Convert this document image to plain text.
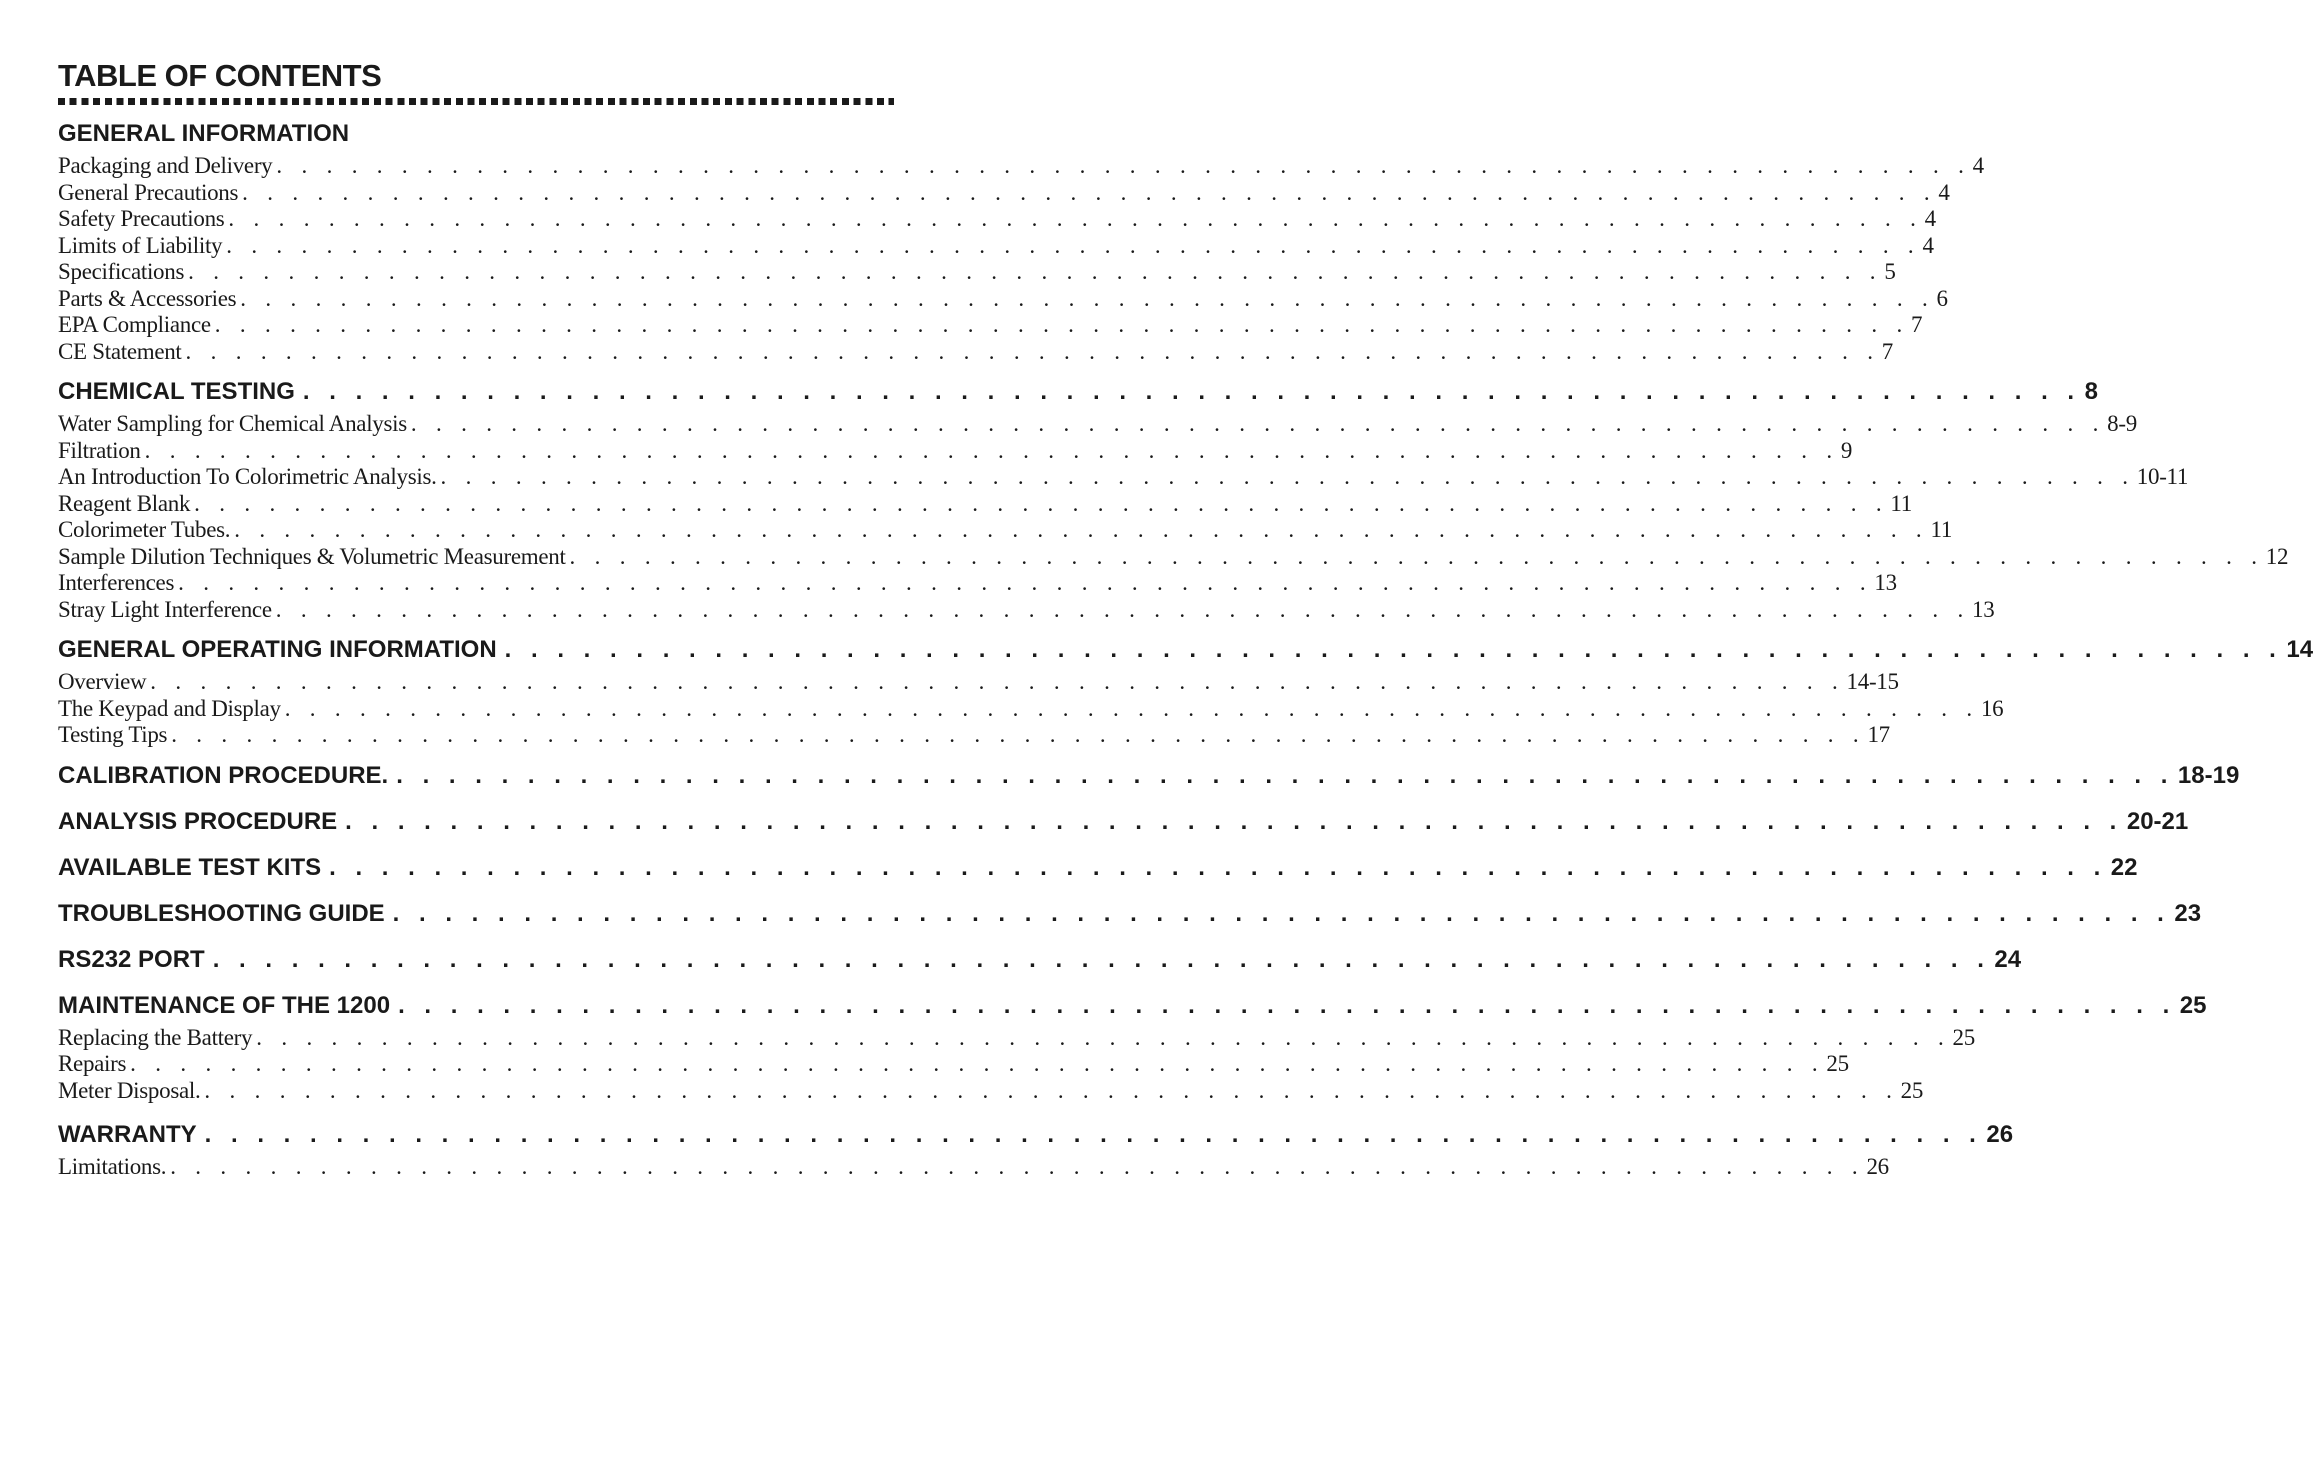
TABLE OF CONTENTS
GENERAL INFORMATION
Packaging and Delivery . . . . . . . . . . . . . . . . . . . . . . . . . . . . . . . . . . . . . . . . . . . . . . . . . . . . . . . . . . . . . . . . . . . . 4
General Precautions . . . . . . . . . . . . . . . . . . . . . . . . . . . . . . . . . . . . . . . . . . . . . . . . . . . . . . . . . . . . . . . . . . . . 4
Safety Precautions . . . . . . . . . . . . . . . . . . . . . . . . . . . . . . . . . . . . . . . . . . . . . . . . . . . . . . . . . . . . . . . . . . . . 4
Limits of Liability . . . . . . . . . . . . . . . . . . . . . . . . . . . . . . . . . . . . . . . . . . . . . . . . . . . . . . . . . . . . . . . . . . . . 4
Specifications . . . . . . . . . . . . . . . . . . . . . . . . . . . . . . . . . . . . . . . . . . . . . . . . . . . . . . . . . . . . . . . . . . . . 5
Parts & Accessories . . . . . . . . . . . . . . . . . . . . . . . . . . . . . . . . . . . . . . . . . . . . . . . . . . . . . . . . . . . . . . . . . . . . 6
EPA Compliance . . . . . . . . . . . . . . . . . . . . . . . . . . . . . . . . . . . . . . . . . . . . . . . . . . . . . . . . . . . . . . . . . . . . 7
CE Statement . . . . . . . . . . . . . . . . . . . . . . . . . . . . . . . . . . . . . . . . . . . . . . . . . . . . . . . . . . . . . . . . . . . . 7
CHEMICAL TESTING . . . . . . . . . . . . . . . . . . . . . . . . . . . . . . . . . . . . . . . . . . . . . . . . . . . . . . . . . . . . . . . . . . . . 8
Water Sampling for Chemical Analysis . . . . . . . . . . . . . . . . . . . . . . . . . . . . . . . . . . . . . . . . . . . . . . . . . . . . . . . . . . . . . . . . . . . . 8-9
Filtration . . . . . . . . . . . . . . . . . . . . . . . . . . . . . . . . . . . . . . . . . . . . . . . . . . . . . . . . . . . . . . . . . . . . 9
An Introduction To Colorimetric Analysis. . . . . . . . . . . . . . . . . . . . . . . . . . . . . . . . . . . . . . . . . . . . . . . . . . . . . . . . . . . . . . . . . . . . . 10-11
Reagent Blank . . . . . . . . . . . . . . . . . . . . . . . . . . . . . . . . . . . . . . . . . . . . . . . . . . . . . . . . . . . . . . . . . . . . 11
Colorimeter Tubes. . . . . . . . . . . . . . . . . . . . . . . . . . . . . . . . . . . . . . . . . . . . . . . . . . . . . . . . . . . . . . . . . . . . . 11
Sample Dilution Techniques & Volumetric Measurement . . . . . . . . . . . . . . . . . . . . . . . . . . . . . . . . . . . . . . . . . . . . . . . . . . . . . . . . . . . . . . . . . . . . 12
Interferences . . . . . . . . . . . . . . . . . . . . . . . . . . . . . . . . . . . . . . . . . . . . . . . . . . . . . . . . . . . . . . . . . . . . 13
Stray Light Interference . . . . . . . . . . . . . . . . . . . . . . . . . . . . . . . . . . . . . . . . . . . . . . . . . . . . . . . . . . . . . . . . . . . . 13
GENERAL OPERATING INFORMATION . . . . . . . . . . . . . . . . . . . . . . . . . . . . . . . . . . . . . . . . . . . . . . . . . . . . . . . . . . . . . . . . . . . . 14
Overview . . . . . . . . . . . . . . . . . . . . . . . . . . . . . . . . . . . . . . . . . . . . . . . . . . . . . . . . . . . . . . . . . . . . 14-15
The Keypad and Display . . . . . . . . . . . . . . . . . . . . . . . . . . . . . . . . . . . . . . . . . . . . . . . . . . . . . . . . . . . . . . . . . . . . 16
Testing Tips . . . . . . . . . . . . . . . . . . . . . . . . . . . . . . . . . . . . . . . . . . . . . . . . . . . . . . . . . . . . . . . . . . . . 17
CALIBRATION PROCEDURE. . . . . . . . . . . . . . . . . . . . . . . . . . . . . . . . . . . . . . . . . . . . . . . . . . . . . . . . . . . . . . . . . . . . . 18-19
ANALYSIS PROCEDURE . . . . . . . . . . . . . . . . . . . . . . . . . . . . . . . . . . . . . . . . . . . . . . . . . . . . . . . . . . . . . . . . . . . . 20-21
AVAILABLE TEST KITS . . . . . . . . . . . . . . . . . . . . . . . . . . . . . . . . . . . . . . . . . . . . . . . . . . . . . . . . . . . . . . . . . . . . 22
TROUBLESHOOTING GUIDE . . . . . . . . . . . . . . . . . . . . . . . . . . . . . . . . . . . . . . . . . . . . . . . . . . . . . . . . . . . . . . . . . . . . 23
RS232 PORT . . . . . . . . . . . . . . . . . . . . . . . . . . . . . . . . . . . . . . . . . . . . . . . . . . . . . . . . . . . . . . . . . . . . 24
MAINTENANCE OF THE 1200 . . . . . . . . . . . . . . . . . . . . . . . . . . . . . . . . . . . . . . . . . . . . . . . . . . . . . . . . . . . . . . . . . . . . 25
Replacing the Battery . . . . . . . . . . . . . . . . . . . . . . . . . . . . . . . . . . . . . . . . . . . . . . . . . . . . . . . . . . . . . . . . . . . . 25
Repairs . . . . . . . . . . . . . . . . . . . . . . . . . . . . . . . . . . . . . . . . . . . . . . . . . . . . . . . . . . . . . . . . . . . . 25
Meter Disposal. . . . . . . . . . . . . . . . . . . . . . . . . . . . . . . . . . . . . . . . . . . . . . . . . . . . . . . . . . . . . . . . . . . . . 25
WARRANTY . . . . . . . . . . . . . . . . . . . . . . . . . . . . . . . . . . . . . . . . . . . . . . . . . . . . . . . . . . . . . . . . . . . . 26
Limitations. . . . . . . . . . . . . . . . . . . . . . . . . . . . . . . . . . . . . . . . . . . . . . . . . . . . . . . . . . . . . . . . . . . . . 26
